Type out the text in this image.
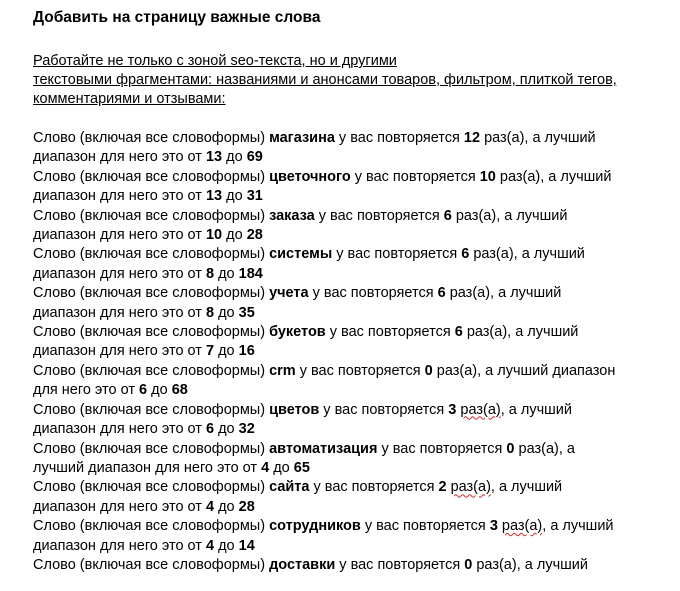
Добавить на страницу важные слова
Работайте не только с зоной seo-текста, но и другими
текстовыми фрагментами: названиями и анонсами товаров, фильтром, плиткой тегов,
комментариями и отзывами:
Слово (включая все словоформы) магазина у вас повторяется 12 раз(а), а лучший
диапазон для него это от 13 до 69
Слово (включая все словоформы) цветочного у вас повторяется 10 раз(а), а лучший
диапазон для него это от 13 до 31
Слово (включая все словоформы) заказа у вас повторяется 6 раз(а), а лучший
диапазон для него это от 10 до 28
Слово (включая все словоформы) системы у вас повторяется 6 раз(а), а лучший
диапазон для него это от 8 до 184
Слово (включая все словоформы) учета у вас повторяется 6 раз(а), а лучший
диапазон для него это от 8 до 35
Слово (включая все словоформы) букетов у вас повторяется 6 раз(а), а лучший
диапазон для него это от 7 до 16
Слово (включая все словоформы) crm у вас повторяется 0 раз(а), а лучший диапазон
для него это от 6 до 68
Слово (включая все словоформы) цветов у вас повторяется 3 раз(а), а лучший
диапазон для него это от 6 до 32
Слово (включая все словоформы) автоматизация у вас повторяется 0 раз(а), а
лучший диапазон для него это от 4 до 65
Слово (включая все словоформы) сайта у вас повторяется 2 раз(а), а лучший
диапазон для него это от 4 до 28
Слово (включая все словоформы) сотрудников у вас повторяется 3 раз(а), а лучший
диапазон для него это от 4 до 14
Слово (включая все словоформы) доставки у вас повторяется 0 раз(а), а лучший
